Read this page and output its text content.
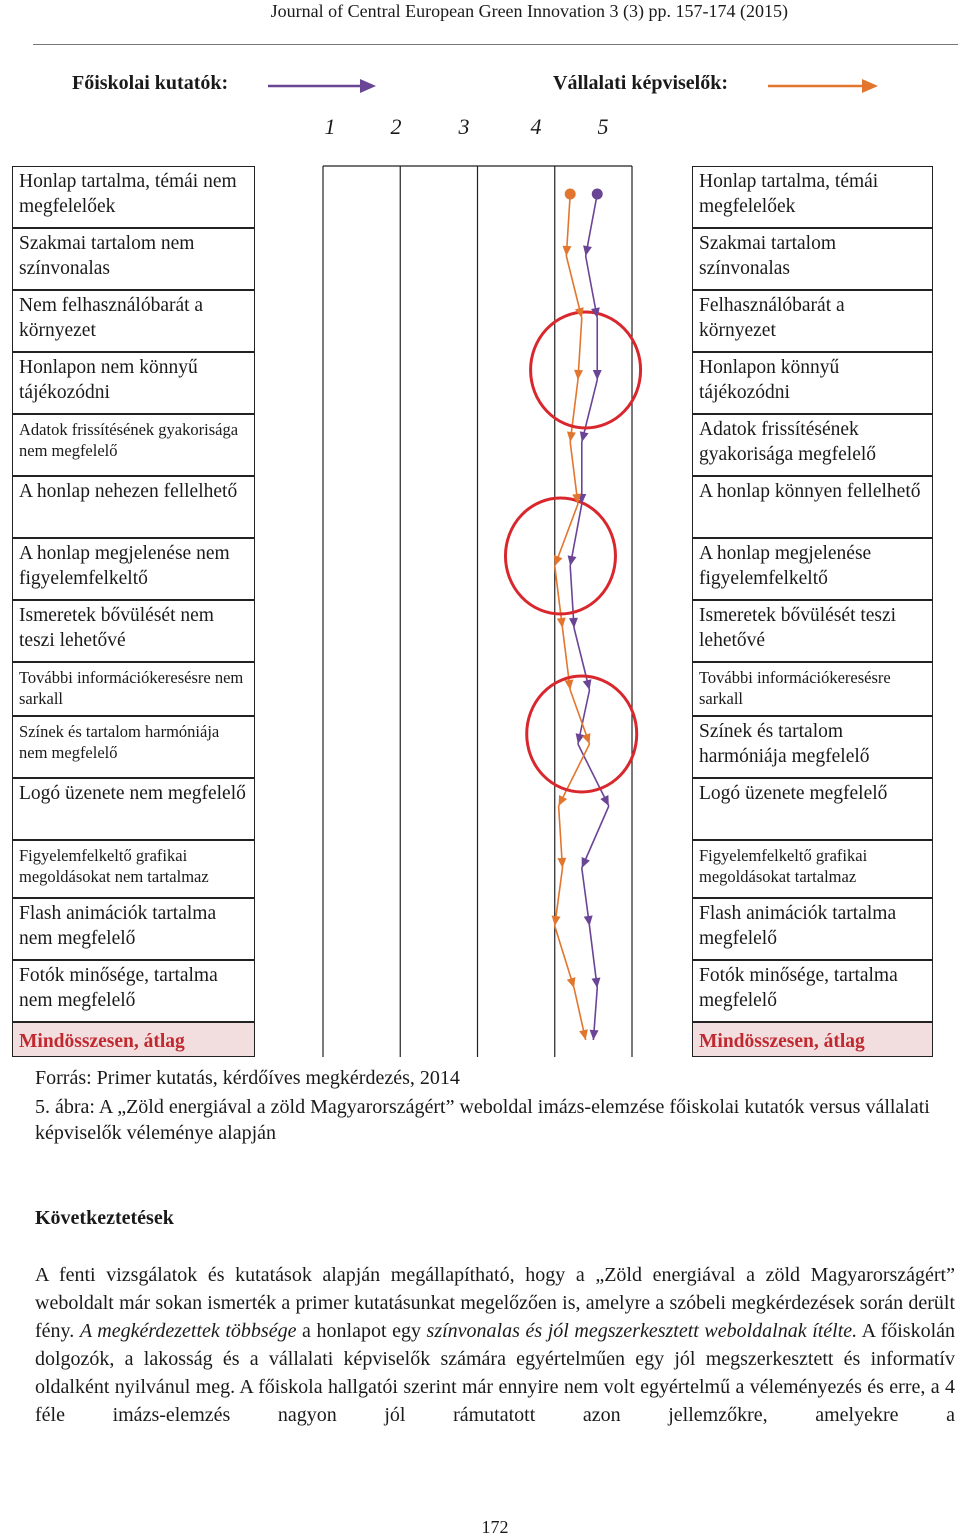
Journal of Central European Green Innovation 3 (3) pp. 157-174 (2015)
Főiskolai kutatók:	Vállalati képviselők:
1	2	3	4	5
Honlap tartalma, témái nem megfelelőek
Szakmai tartalom nem színvonalas
Nem felhasználóbarát a környezet
Honlapon nem könnyű tájékozódni
Adatok frissítésének gyakorisága nem megfelelő
A honlap nehezen fellelhető
A honlap megjelenése nem figyelemfelkeltő
Ismeretek bővülését nem teszi lehetővé
További információkeresésre nem sarkall
Színek és tartalom harmóniája nem megfelelő
Logó üzenete nem megfelelő
Figyelemfelkeltő grafikai megoldásokat nem tartalmaz
Flash animációk tartalma nem megfelelő
Fotók minősége, tartalma nem megfelelő
Mindösszesen, átlag
Honlap tartalma, témái megfelelőek
Szakmai tartalom színvonalas
Felhasználóbarát a környezet
Honlapon könnyű tájékozódni
Adatok frissítésének gyakorisága megfelelő
A honlap könnyen fellelhető
A honlap megjelenése figyelemfelkeltő
Ismeretek bővülését teszi lehetővé
További információkeresésre sarkall
Színek és tartalom harmóniája megfelelő
Logó üzenete megfelelő
Figyelemfelkeltő grafikai megoldásokat tartalmaz
Flash animációk tartalma megfelelő
Fotók minősége, tartalma megfelelő
Mindösszesen, átlag
Forrás: Primer kutatás, kérdőíves megkérdezés, 2014
5. ábra: A „Zöld energiával a zöld Magyarországért” weboldal imázs-elemzése főiskolai kutatók versus vállalati képviselők véleménye alapján
Következtetések
A fenti vizsgálatok és kutatások alapján megállapítható, hogy a „Zöld energiával a zöld Magyarországért” weboldalt már sokan ismerték a primer kutatásunkat megelőzően is, amelyre a szóbeli megkérdezések során derült fény. A megkérdezettek többsége a honlapot egy színvonalas és jól megszerkesztett weboldalnak ítélte. A főiskolán dolgozók, a lakosság és a vállalati képviselők számára egyértelműen egy jól megszerkesztett és informatív oldalként nyilvánul meg. A főiskola hallgatói szerint már ennyire nem volt egyértelmű a véleményezés és erre, a 4 féle imázs-elemzés nagyon jól rámutatott azon jellemzőkre, amelyekre a
172
